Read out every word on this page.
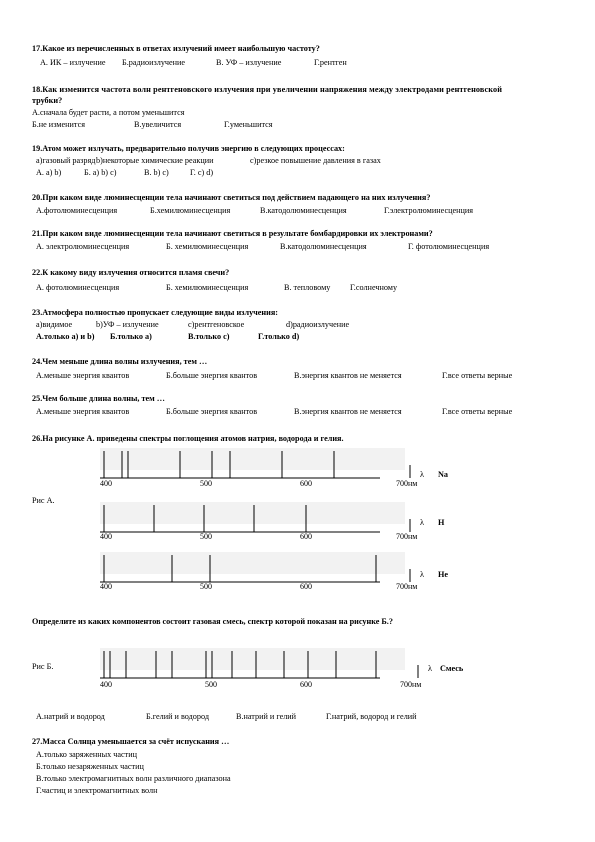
17.Какое из перечисленных в ответах излучений имеет наибольшую частоту?
А. ИК – излучение Б.радиоизлучение	В. УФ – излучение	Г.рентген
18.Как изменится частота волн рентгеновского излучения при увеличении напряжения между электродами рентгеновской
трубки?
А.сначала будет расти, а потом уменьшится
Б.не изменится	В.увеличится	Г.уменьшится
19.Атом может излучать, предварительно получив энергию в следующих процессах:
а)газовый разрядb)некоторые химические реакции	с)резкое повышение давления в газах
А. а) b)	Б. а) b) с)	В. b) с)	Г. с) d)
20.При каком виде люминесценции тела начинают светиться под действием падающего на них излучения?
А.фотолюминесценция	Б.хемилюминесценция	В.катодолюминесценция	Г.электролюминесценция
21.При каком виде люминесценции тела начинают светиться в результате бомбардировки их электронами?
А. электролюминесценция	Б. хемилюминесценция	В.катодолюминесценция	Г. фотолюминесценция
22.К какому виду излучения относится пламя свечи?
А. фотолюминесценция	Б. хемилюминесценция	В. тепловому Г.солнечному
23.Атмосфера полностью пропускает следующие виды излучения:
а)видимое	b)УФ – излучение	с)рентгеновское	d)радиоизлучение
А.только а) и b) Б.только а)	В.только с)	Г.только d)
24.Чем меньше длина волны излучения, тем …
А.меньше энергия квантов	Б.больше энергия квантов	В.энергия квантов не меняется	Г.все ответы верные
25.Чем больше длина волны, тем …
А.меньше энергия квантов	Б.больше энергия квантов	В.энергия квантов не меняется	Г.все ответы верные
26.На рисунке А. приведены спектры поглощения атомов натрия, водорода и гелия.
Рис А.
400	500	600	700нм
λ Na
400	500	600	700нм
λ H
400	500	600	700нм
λ He
Определите из каких компонентов состоит газовая смесь, спектр которой показан на рисунке Б.?
Рис Б.
400	500	600	700нм
λ Смесь
А.натрий и водород	Б.гелий и водород	В.натрий и гелий	Г.натрий, водород и гелий
27.Масса Солнца уменьшается за счёт испускания …
А.только заряженных частиц
Б.только незаряженных частиц
В.только электромагнитных волн различного диапазона
Г.частиц и электромагнитных волн
